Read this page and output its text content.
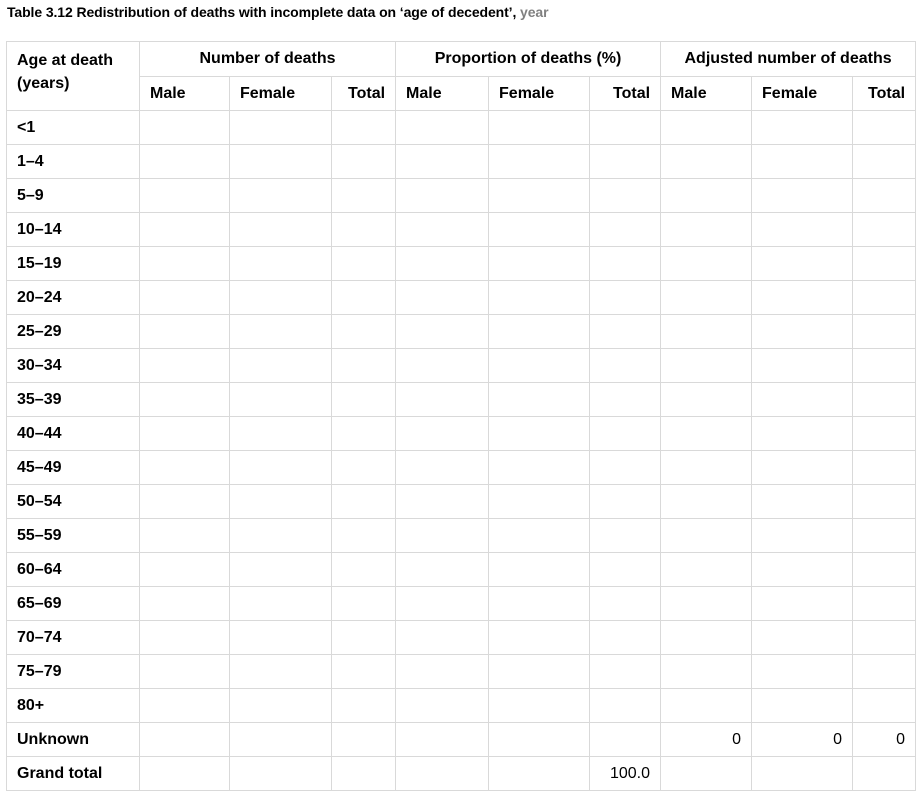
Table 3.12 Redistribution of deaths with incomplete data on ‘age of decedent’, year
Age at death (years)	Number of deaths			Proportion of deaths (%)			Adjusted number of deaths		
	Male	Female	Total	Male	Female	Total	Male	Female	Total
<1									
1–4									
5–9									
10–14									
15–19									
20–24									
25–29									
30–34									
35–39									
40–44									
45–49									
50–54									
55–59									
60–64									
65–69									
70–74									
75–79									
80+									
Unknown							0	0	0
Grand total						100.0			
